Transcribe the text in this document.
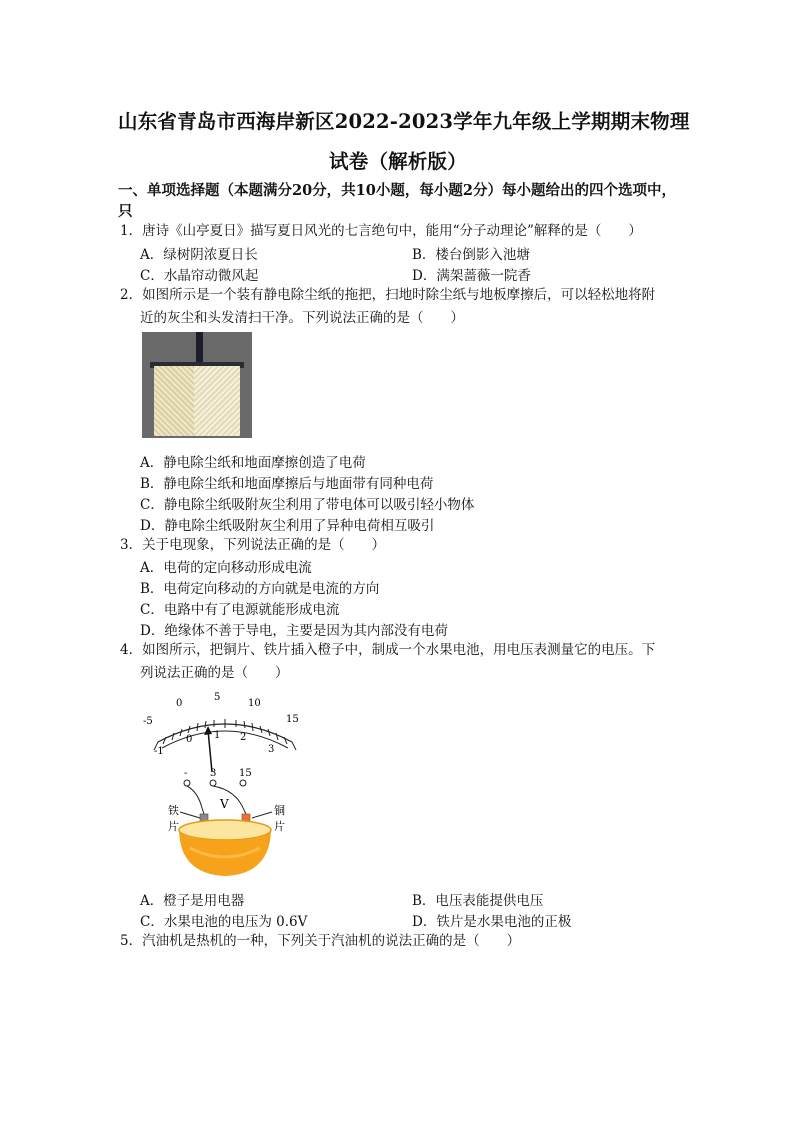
山东省青岛市西海岸新区2022-2023学年九年级上学期期末物理
试卷（解析版）
一、单项选择题（本题满分20分，共10小题，每小题2分）每小题给出的四个选项中，
只
1．唐诗《山亭夏日》描写夏日风光的七言绝句中，能用“分子动理论”解释的是（　　）
A．绿树阴浓夏日长	B．楼台倒影入池塘
C．水晶帘动微风起	D．满架蔷薇一院香
2．如图所示是一个装有静电除尘纸的拖把，扫地时除尘纸与地板摩擦后，可以轻松地将附
近的灰尘和头发清扫干净。下列说法正确的是（　　）
A．静电除尘纸和地面摩擦创造了电荷
B．静电除尘纸和地面摩擦后与地面带有同种电荷
C．静电除尘纸吸附灰尘利用了带电体可以吸引轻小物体
D．静电除尘纸吸附灰尘利用了异种电荷相互吸引
3．关于电现象，下列说法正确的是（　　）
A．电荷的定向移动形成电流
B．电荷定向移动的方向就是电流的方向
C．电路中有了电源就能形成电流
D．绝缘体不善于导电，主要是因为其内部没有电荷
4．如图所示，把铜片、铁片插入橙子中，制成一个水果电池，用电压表测量它的电压。下
列说法正确的是（　　）
-5
0
5
10
15
-1
0 1 2
3
- 3 15
V
铁
片
铜
片
A．橙子是用电器	B．电压表能提供电压
C．水果电池的电压为 0.6V	D．铁片是水果电池的正极
5．汽油机是热机的一种，下列关于汽油机的说法正确的是（　　）
